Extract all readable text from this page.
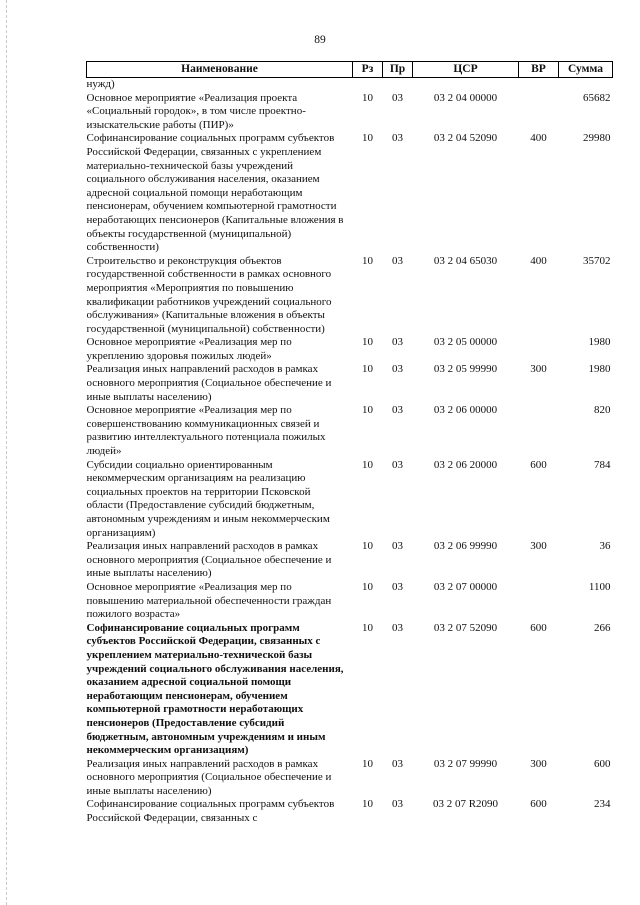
89
Наименование	Рз	Пр	ЦСР	ВР	Сумма
нужд)					
Основное мероприятие «Реализация проекта «Социальный городок», в том числе проектно-изыскательские работы (ПИР)»	10	03	03 2 04 00000		65682
Софинансирование социальных программ субъектов Российской Федерации, связанных с укреплением материально-технической базы учреждений социального обслуживания населения, оказанием адресной социальной помощи неработающим пенсионерам, обучением компьютерной грамотности неработающих пенсионеров (Капитальные вложения в объекты государственной (муниципальной) собственности)	10	03	03 2 04 52090	400	29980
Строительство и реконструкция объектов государственной собственности в рамках основного мероприятия «Мероприятия по повышению квалификации работников учреждений социального обслуживания» (Капитальные вложения в объекты государственной (муниципальной) собственности)	10	03	03 2 04 65030	400	35702
Основное мероприятие «Реализация мер по укреплению здоровья пожилых людей»	10	03	03 2 05 00000		1980
Реализация иных направлений расходов в рамках основного мероприятия (Социальное обеспечение и иные выплаты населению)	10	03	03 2 05 99990	300	1980
Основное мероприятие «Реализация мер по совершенствованию коммуникационных связей и развитию интеллектуального потенциала пожилых людей»	10	03	03 2 06 00000		820
Субсидии социально ориентированным некоммерческим организациям на реализацию социальных проектов на территории Псковской области (Предоставление субсидий бюджетным, автономным учреждениям и иным некоммерческим организациям)	10	03	03 2 06 20000	600	784
Реализация иных направлений расходов в рамках основного мероприятия (Социальное обеспечение и иные выплаты населению)	10	03	03 2 06 99990	300	36
Основное мероприятие «Реализация мер по повышению материальной обеспеченности граждан пожилого возраста»	10	03	03 2 07 00000		1100
Софинансирование социальных программ субъектов Российской Федерации, связанных с укреплением материально-технической базы учреждений социального обслуживания населения, оказанием адресной социальной помощи неработающим пенсионерам, обучением компьютерной грамотности неработающих пенсионеров (Предоставление субсидий бюджетным, автономным учреждениям и иным некоммерческим организациям)	10	03	03 2 07 52090	600	266
Реализация иных направлений расходов в рамках основного мероприятия (Социальное обеспечение и иные выплаты населению)	10	03	03 2 07 99990	300	600
Софинансирование социальных программ субъектов Российской Федерации, связанных с	10	03	03 2 07 R2090	600	234
